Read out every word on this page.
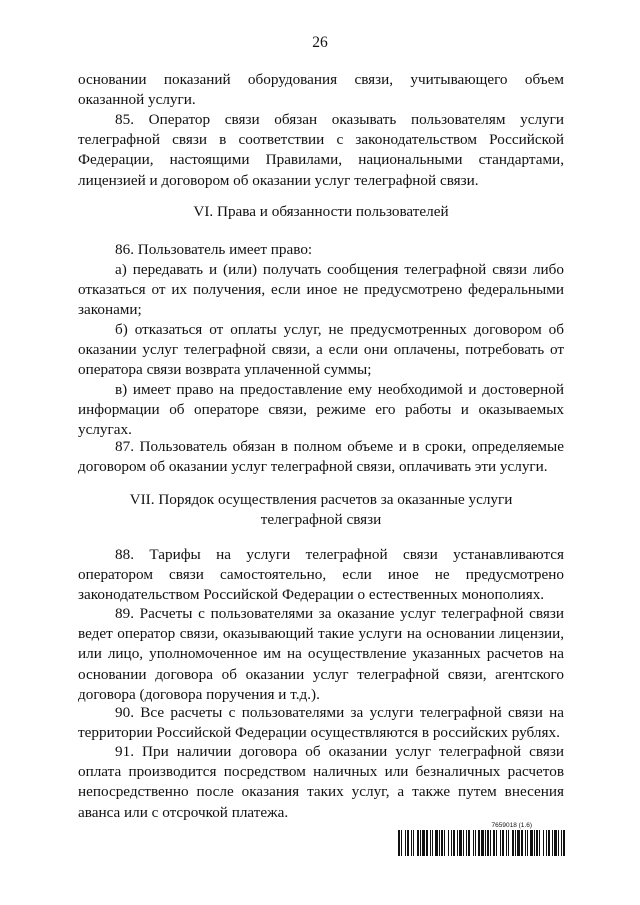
26
основании показаний оборудования связи, учитывающего объем оказанной услуги.
85. Оператор связи обязан оказывать пользователям услуги телеграфной связи в соответствии с законодательством Российской Федерации, настоящими Правилами, национальными стандартами, лицензией и договором об оказании услуг телеграфной связи.
VI. Права и обязанности пользователей
86. Пользователь имеет право:
а) передавать и (или) получать сообщения телеграфной связи либо отказаться от их получения, если иное не предусмотрено федеральными законами;
б) отказаться от оплаты услуг, не предусмотренных договором об оказании услуг телеграфной связи, а если они оплачены, потребовать от оператора связи возврата уплаченной суммы;
в) имеет право на предоставление ему необходимой и достоверной информации об операторе связи, режиме его работы и оказываемых услугах.
87. Пользователь обязан в полном объеме и в сроки, определяемые договором об оказании услуг телеграфной связи, оплачивать эти услуги.
VII. Порядок осуществления расчетов за оказанные услуги телеграфной связи
88. Тарифы на услуги телеграфной связи устанавливаются оператором связи самостоятельно, если иное не предусмотрено законодательством Российской Федерации о естественных монополиях.
89. Расчеты с пользователями за оказание услуг телеграфной связи ведет оператор связи, оказывающий такие услуги на основании лицензии, или лицо, уполномоченное им на осуществление указанных расчетов на основании договора об оказании услуг телеграфной связи, агентского договора (договора поручения и т.д.).
90. Все расчеты с пользователями за услуги телеграфной связи на территории Российской Федерации осуществляются в российских рублях.
91. При наличии договора об оказании услуг телеграфной связи оплата производится посредством наличных или безналичных расчетов непосредственно после оказания таких услуг, а также путем внесения аванса или с отсрочкой платежа.
7659018 (1.6)
